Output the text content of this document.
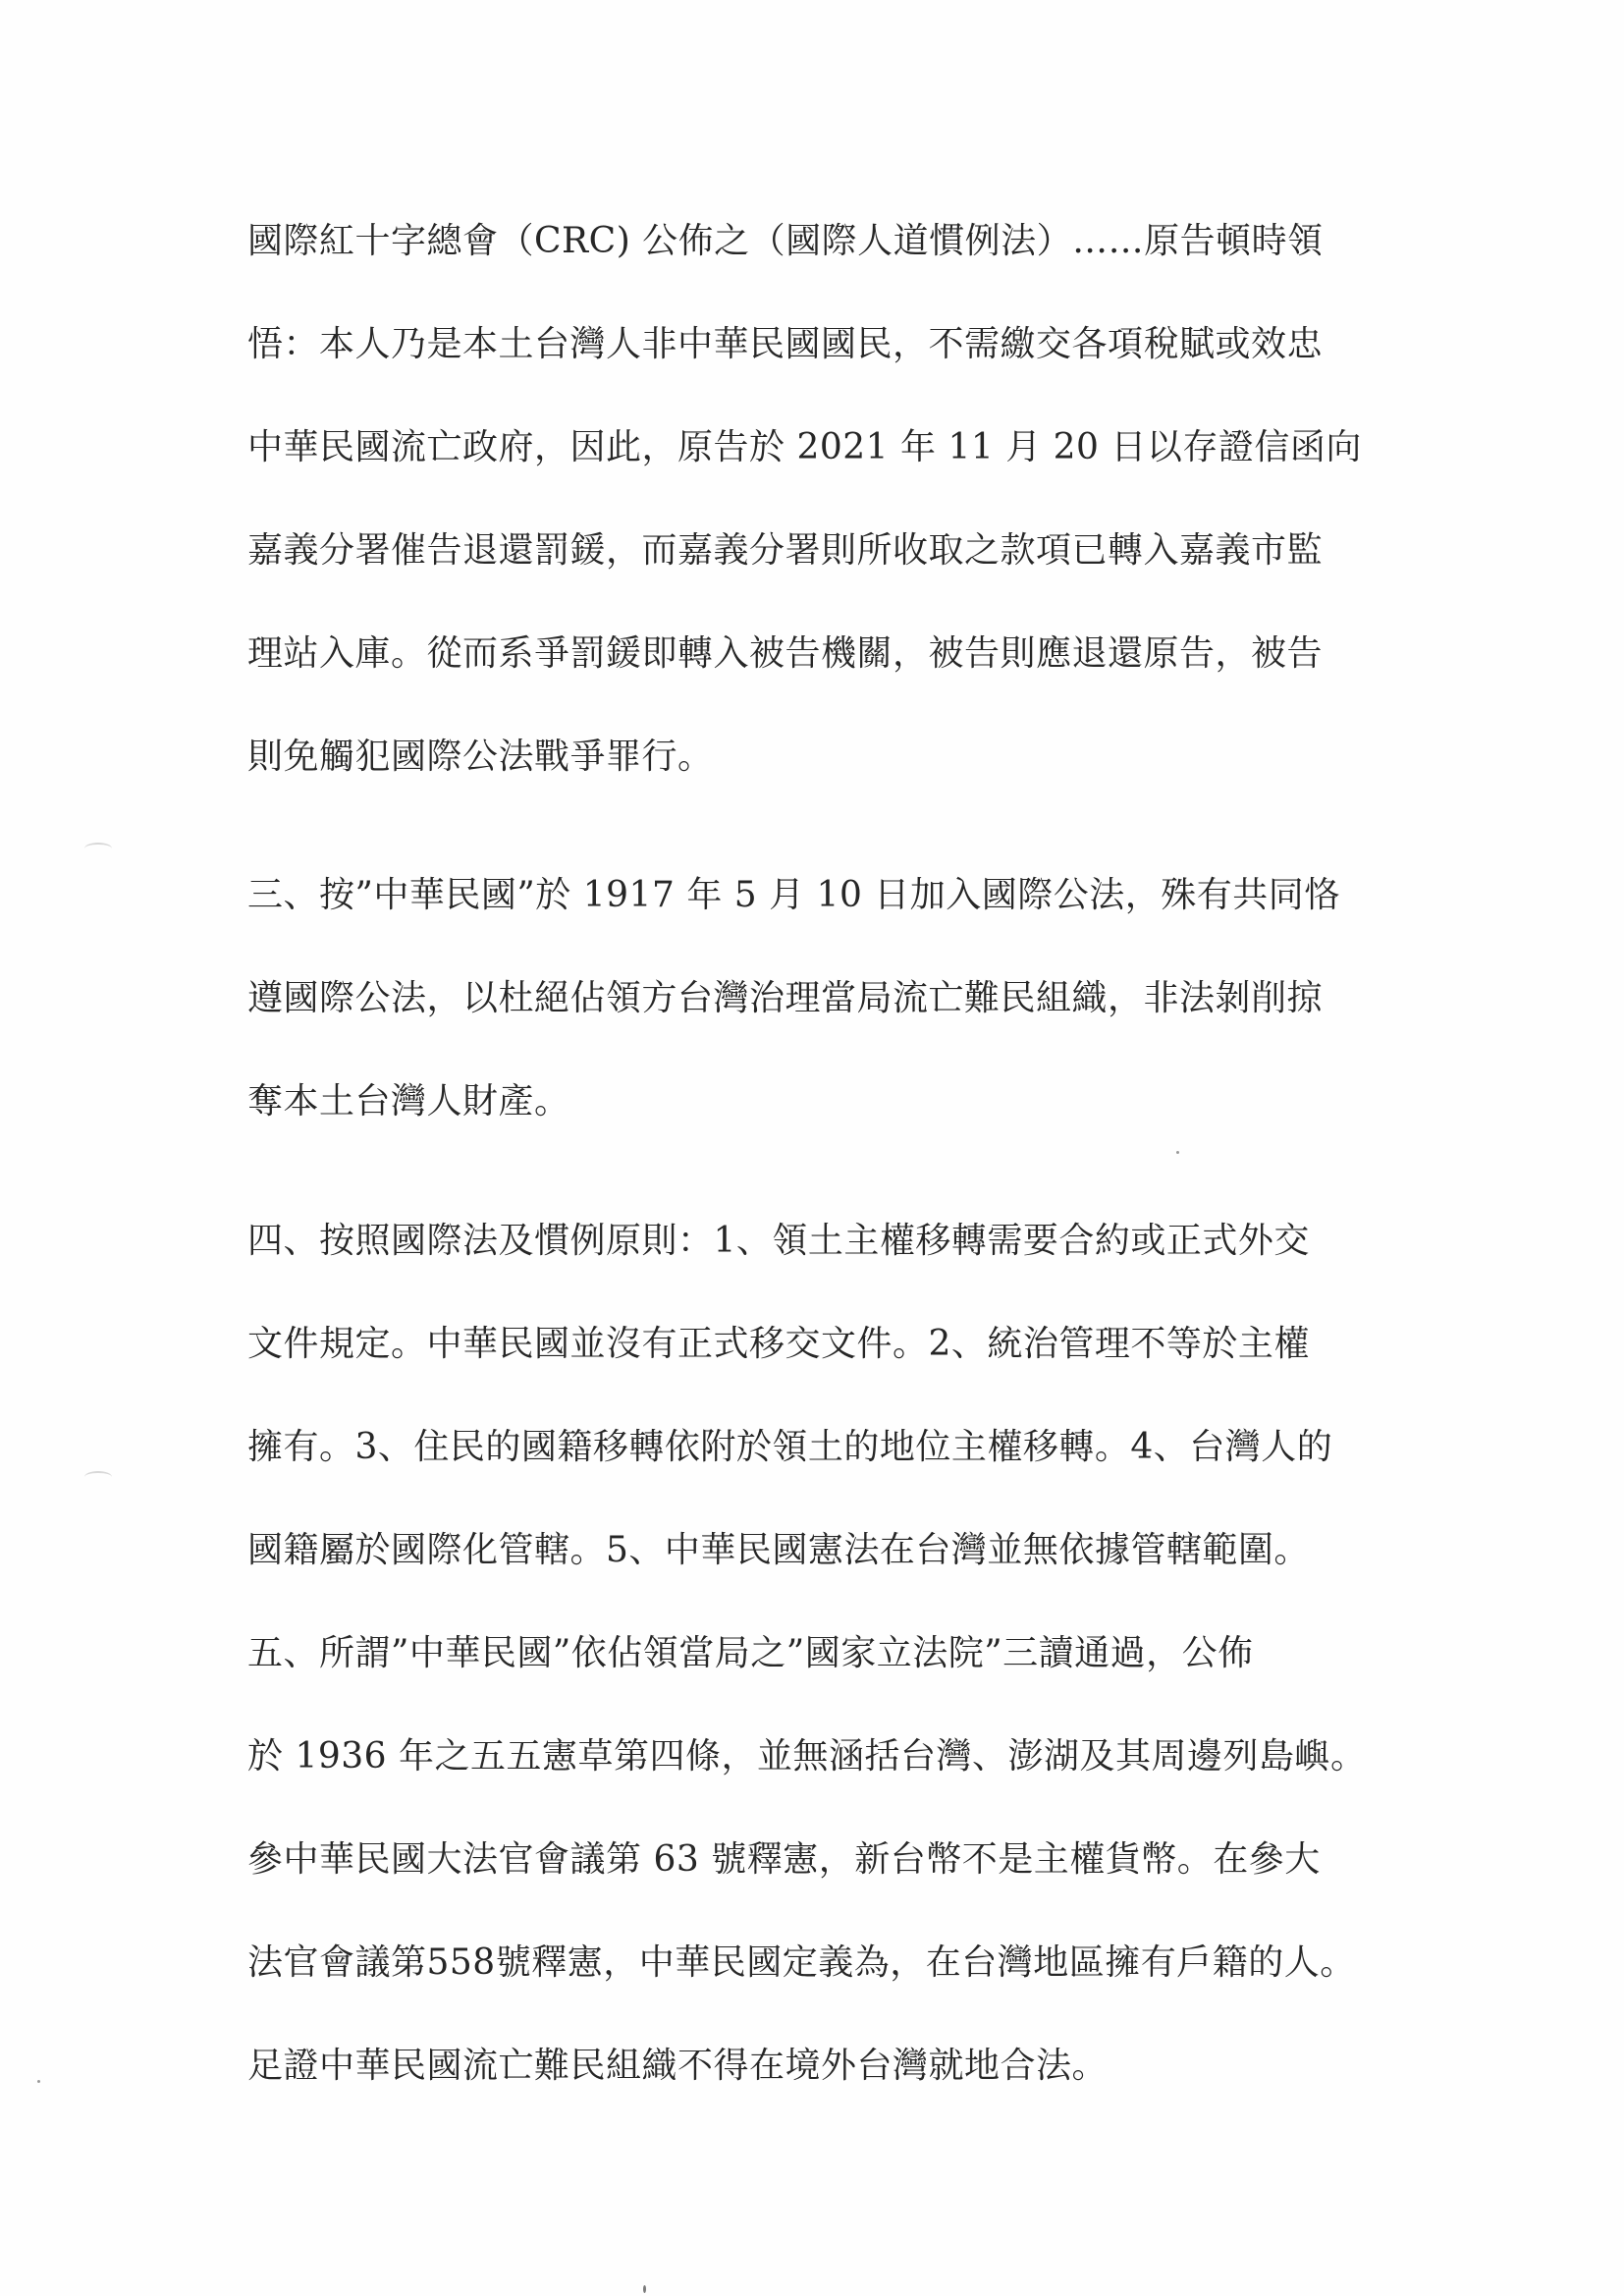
國際紅十字總會（CRC) 公佈之（國際人道慣例法）……原告頓時領

悟：本人乃是本土台灣人非中華民國國民，不需繳交各項稅賦或效忠

中華民國流亡政府，因此，原告於 2021 年 11 月 20 日以存證信函向

嘉義分署催告退還罰鍰，而嘉義分署則所收取之款項已轉入嘉義市監

理站入庫。從而系爭罰鍰即轉入被告機關，被告則應退還原告，被告

則免觸犯國際公法戰爭罪行。

三、按”中華民國”於 1917 年 5 月 10 日加入國際公法，殊有共同恪

遵國際公法，以杜絕佔領方台灣治理當局流亡難民組織，非法剝削掠

奪本土台灣人財產。

四、按照國際法及慣例原則：1、領土主權移轉需要合約或正式外交

文件規定。中華民國並沒有正式移交文件。2、統治管理不等於主權

擁有。3、住民的國籍移轉依附於領土的地位主權移轉。4、台灣人的

國籍屬於國際化管轄。5、中華民國憲法在台灣並無依據管轄範圍。

五、所謂”中華民國”依佔領當局之”國家立法院”三讀通過，公佈

於 1936 年之五五憲草第四條，並無涵括台灣、澎湖及其周邊列島嶼。

參中華民國大法官會議第 63 號釋憲，新台幣不是主權貨幣。在參大

法官會議第558號釋憲，中華民國定義為，在台灣地區擁有戶籍的人。

足證中華民國流亡難民組織不得在境外台灣就地合法。
